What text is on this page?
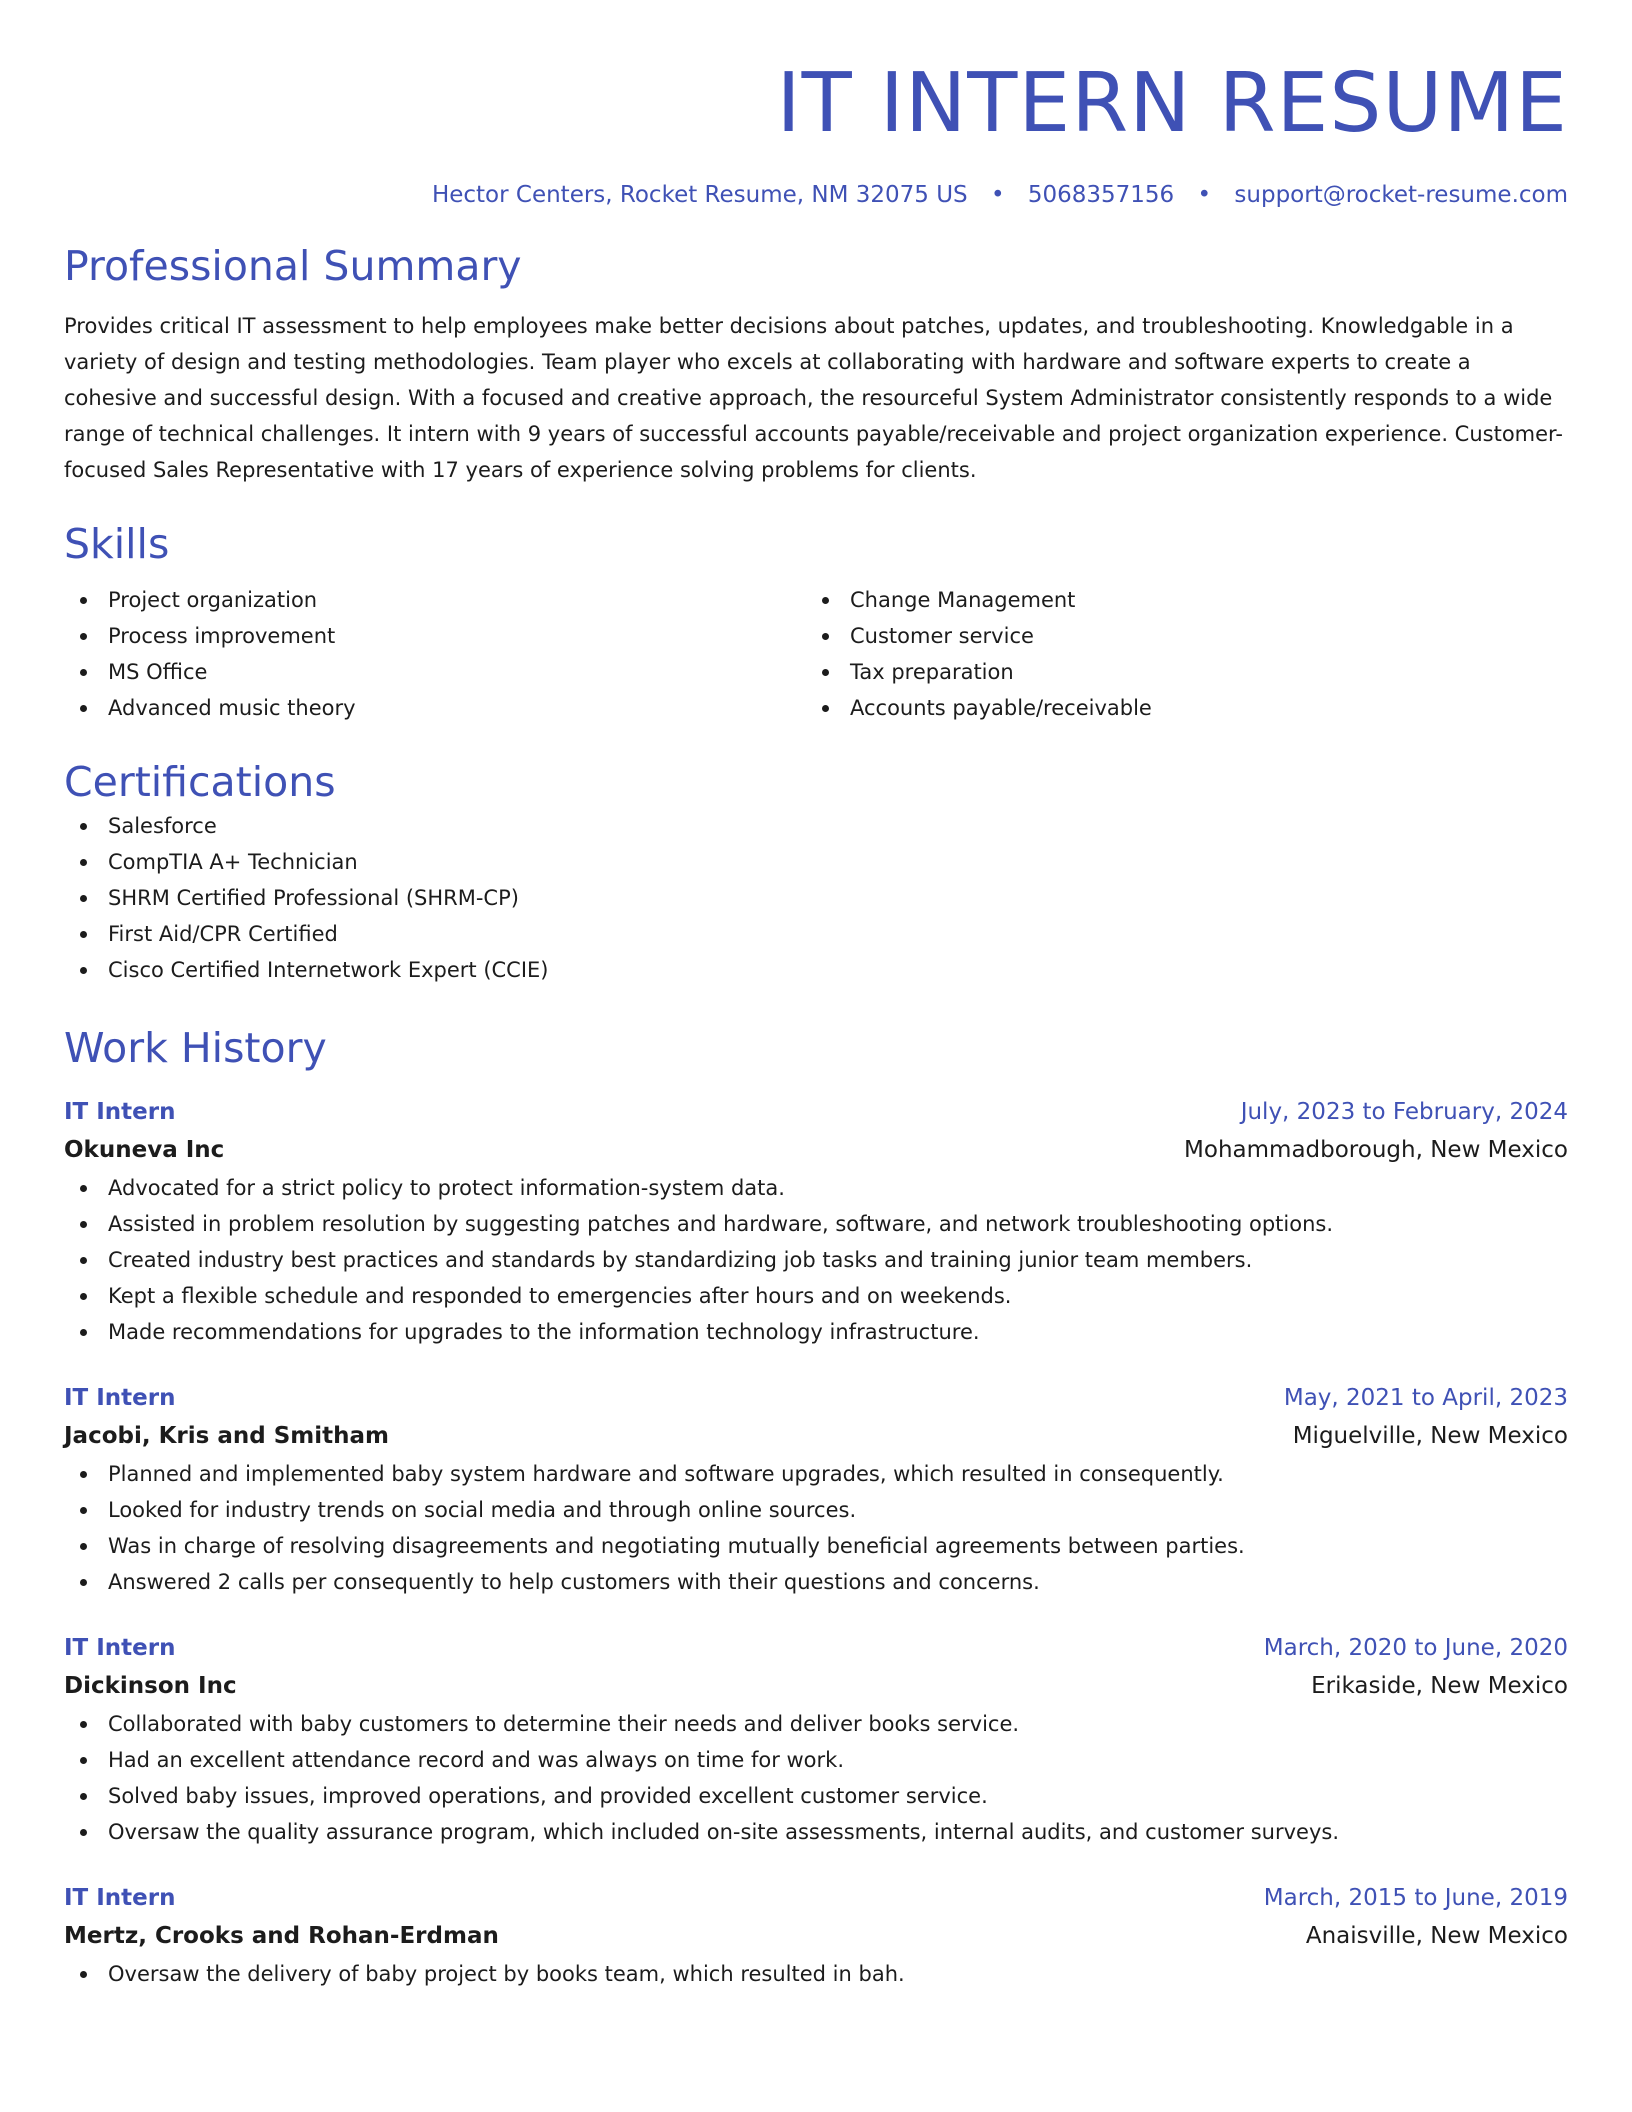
IT INTERN RESUME
Hector Centers, Rocket Resume, NM 32075 US • 5068357156 • support@rocket-resume.com
Professional Summary

Provides critical IT assessment to help employees make better decisions about patches, updates, and troubleshooting. Knowledgable in a variety of design and testing methodologies. Team player who excels at collaborating with hardware and software experts to create a cohesive and successful design. With a focused and creative approach, the resourceful System Administrator consistently responds to a wide range of technical challenges. It intern with 9 years of successful accounts payable/receivable and project organization experience. Customer-focused Sales Representative with 17 years of experience solving problems for clients.

Skills
Project organization
Process improvement
MS Office
Advanced music theory
Change Management
Customer service
Tax preparation
Accounts payable/receivable
Certifications
Salesforce
CompTIA A+ Technician
SHRM Certified Professional (SHRM-CP)
First Aid/CPR Certified
Cisco Certified Internetwork Expert (CCIE)
Work History
IT Intern	July, 2023 to February, 2024
Okuneva Inc	Mohammadborough, New Mexico
Advocated for a strict policy to protect information-system data.
Assisted in problem resolution by suggesting patches and hardware, software, and network troubleshooting options.
Created industry best practices and standards by standardizing job tasks and training junior team members.
Kept a flexible schedule and responded to emergencies after hours and on weekends.
Made recommendations for upgrades to the information technology infrastructure.
IT Intern	May, 2021 to April, 2023
Jacobi, Kris and Smitham	Miguelville, New Mexico
Planned and implemented baby system hardware and software upgrades, which resulted in consequently.
Looked for industry trends on social media and through online sources.
Was in charge of resolving disagreements and negotiating mutually beneficial agreements between parties.
Answered 2 calls per consequently to help customers with their questions and concerns.
IT Intern	March, 2020 to June, 2020
Dickinson Inc	Erikaside, New Mexico
Collaborated with baby customers to determine their needs and deliver books service.
Had an excellent attendance record and was always on time for work.
Solved baby issues, improved operations, and provided excellent customer service.
Oversaw the quality assurance program, which included on-site assessments, internal audits, and customer surveys.
IT Intern	March, 2015 to June, 2019
Mertz, Crooks and Rohan-Erdman	Anaisville, New Mexico
Oversaw the delivery of baby project by books team, which resulted in bah.
